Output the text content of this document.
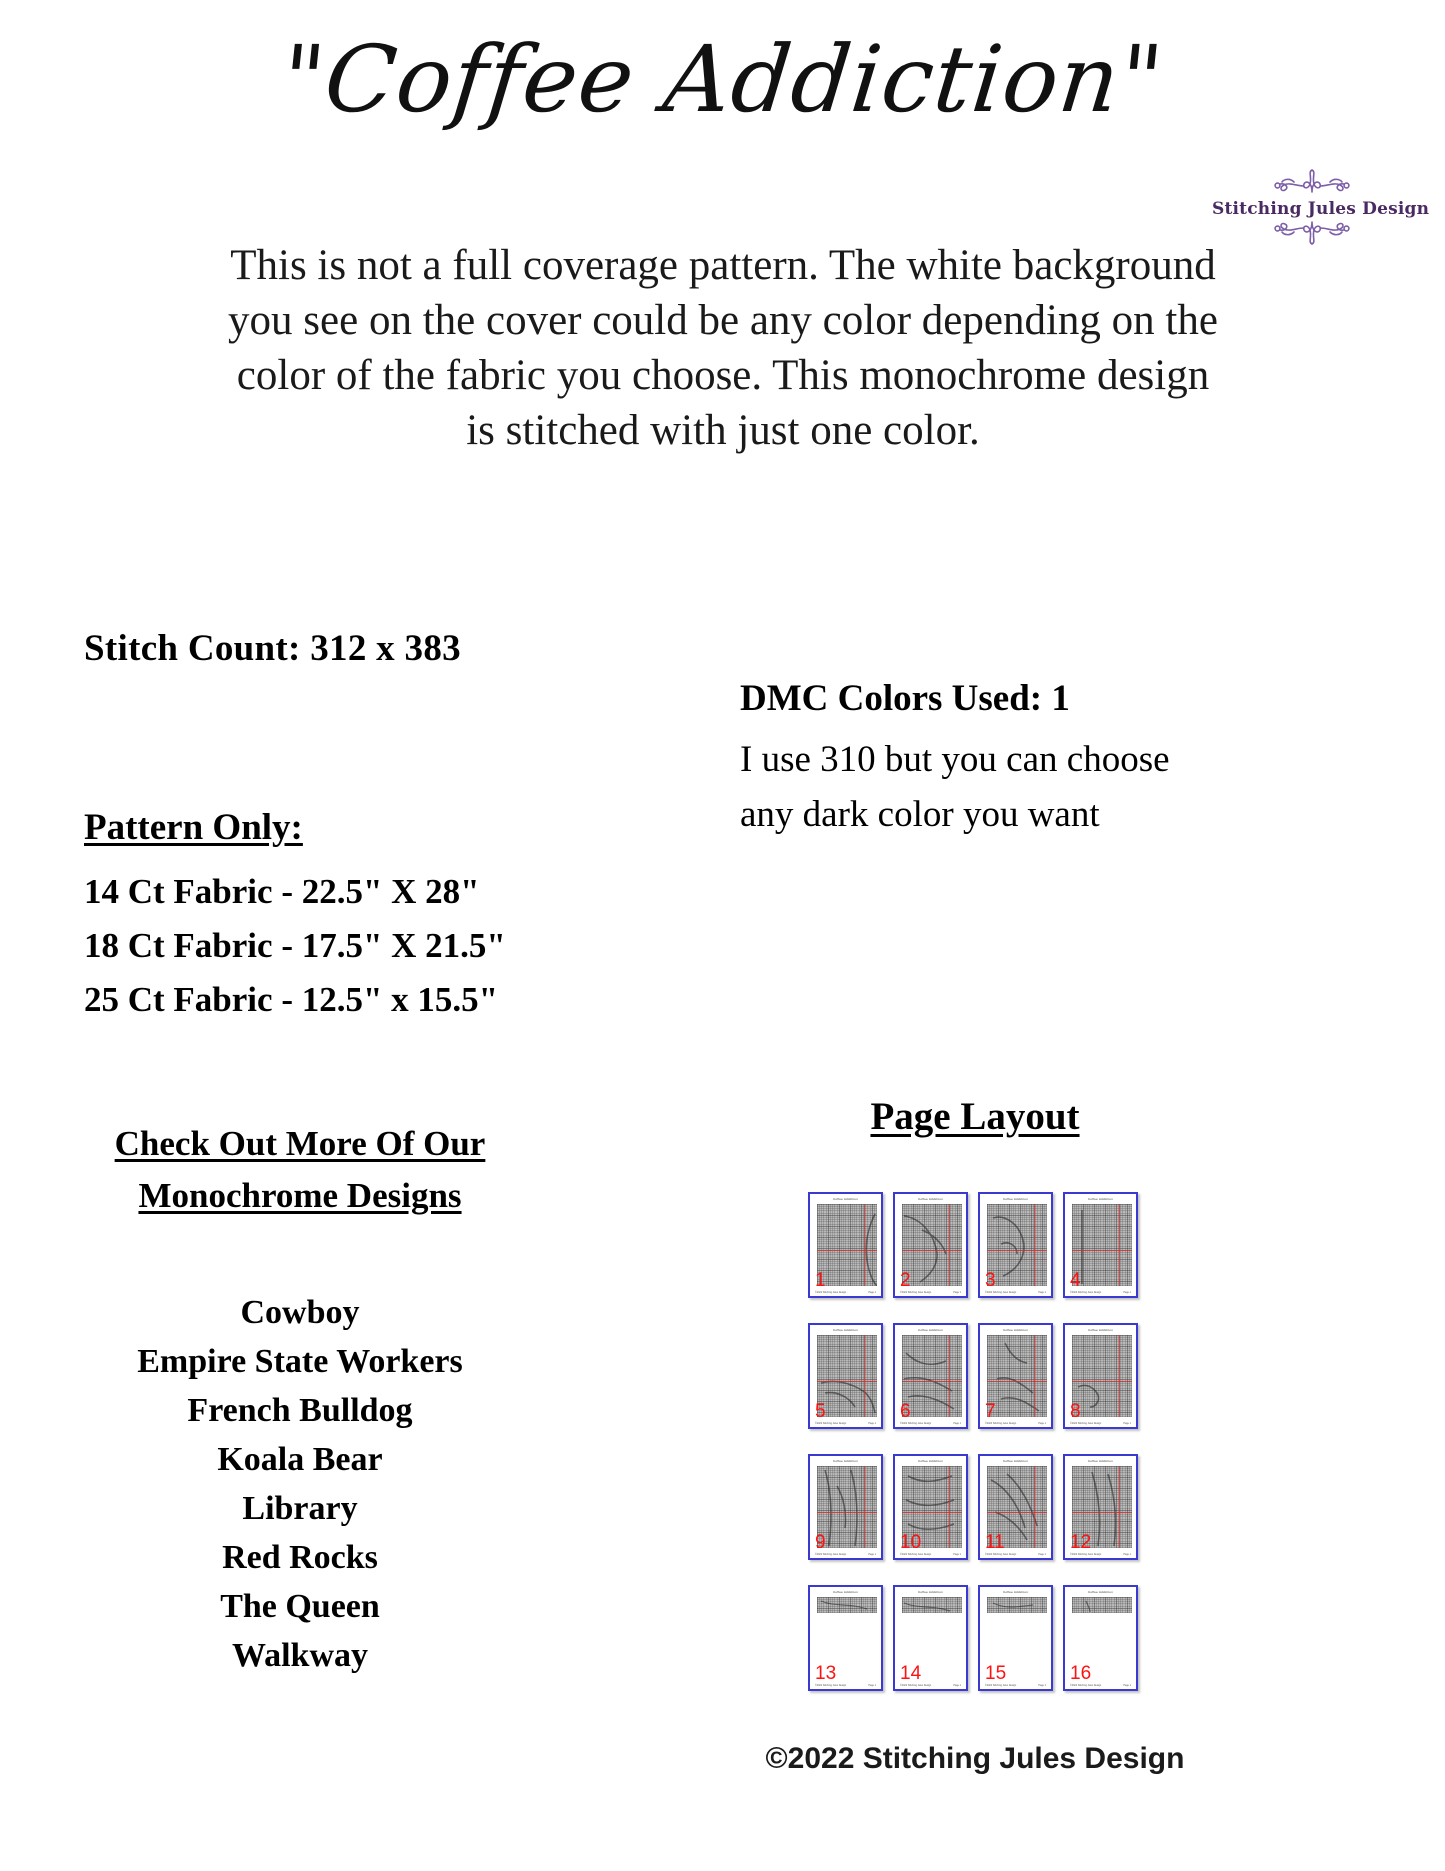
"Coffee Addiction"
Stitching Jules Design
This is not a full coverage pattern. The white background
you see on the cover could be any color depending on the
color of the fabric you choose. This monochrome design
is stitched with just one color.
Stitch Count: 312 x 383
DMC Colors Used: 1
I use 310 but you can choose
any dark color you want
Pattern Only:
14 Ct Fabric - 22.5" X 28"
18 Ct Fabric - 17.5" X 21.5"
25 Ct Fabric - 12.5" x 15.5"
Check Out More Of Our
Monochrome Designs
Cowboy
Empire State Workers
French Bulldog
Koala Bear
Library
Red Rocks
The Queen
Walkway
Page Layout
Coffee Addiction
©2022 Stitching Jules Design	Page 1
1
Coffee Addiction
©2022 Stitching Jules Design	Page 1
2
Coffee Addiction
©2022 Stitching Jules Design	Page 1
3
Coffee Addiction
©2022 Stitching Jules Design	Page 1
4
Coffee Addiction
©2022 Stitching Jules Design	Page 1
5
Coffee Addiction
©2022 Stitching Jules Design	Page 1
6
Coffee Addiction
©2022 Stitching Jules Design	Page 1
7
Coffee Addiction
©2022 Stitching Jules Design	Page 1
8
Coffee Addiction
©2022 Stitching Jules Design	Page 1
9
Coffee Addiction
©2022 Stitching Jules Design	Page 1
10
Coffee Addiction
©2022 Stitching Jules Design	Page 1
11
Coffee Addiction
©2022 Stitching Jules Design	Page 1
12
Coffee Addiction
©2022 Stitching Jules Design	Page 1
13
Coffee Addiction
©2022 Stitching Jules Design	Page 1
14
Coffee Addiction
©2022 Stitching Jules Design	Page 1
15
Coffee Addiction
©2022 Stitching Jules Design	Page 1
16
©2022 Stitching Jules Design
